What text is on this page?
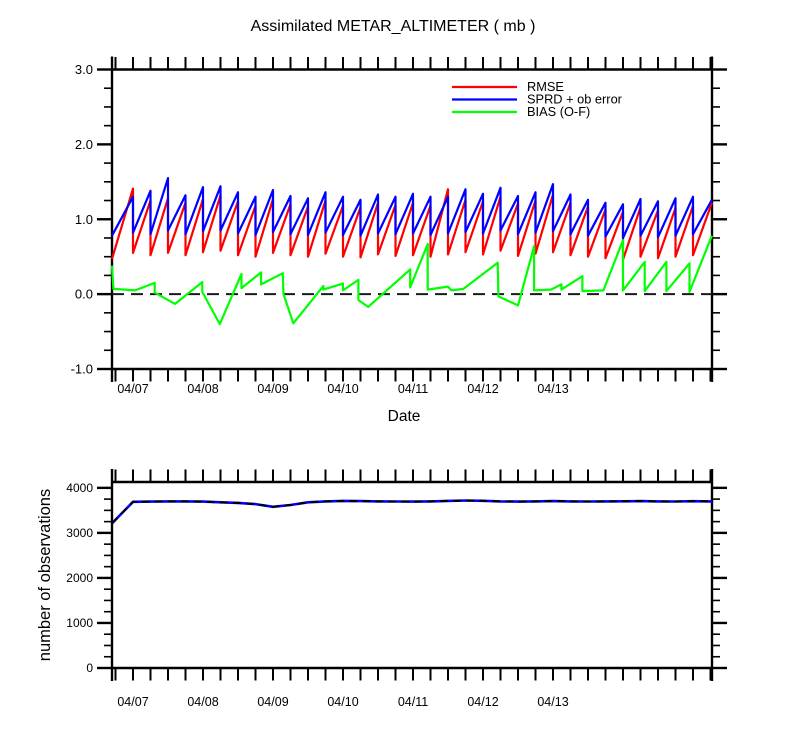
Assimilated METAR_ALTIMETER ( mb )
3.0
2.0
1.0
0.0
-1.0
04/07	04/08	04/09	04/10	04/11	04/12	04/13
RMSE
SPRD + ob error
BIAS (O-F)
Date
number of observations
4000
3000
2000
1000
0
04/07	04/08	04/09	04/10	04/11	04/12	04/13
